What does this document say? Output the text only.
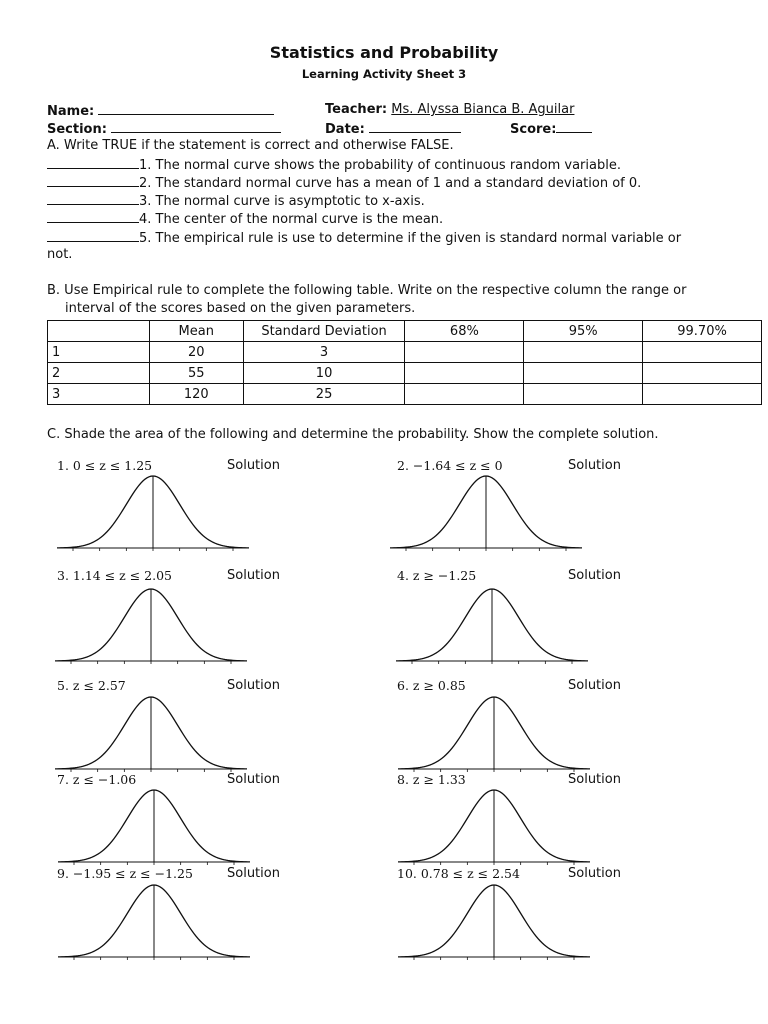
Statistics and Probability
Learning Activity Sheet 3
Name:
Section:
Teacher: Ms. Alyssa Bianca B. Aguilar
Date:	Score:
A. Write TRUE if the statement is correct and otherwise FALSE.
1. The normal curve shows the probability of continuous random variable.
2. The standard normal curve has a mean of 1 and a standard deviation of 0.
3. The normal curve is asymptotic to x-axis.
4. The center of the normal curve is the mean.
5. The empirical rule is use to determine if the given is standard normal variable or
not.
B. Use Empirical rule to complete the following table. Write on the respective column the range or
interval of the scores based on the given parameters.
	Mean	Standard Deviation	68%	95%	99.70%
1	20	3			
2	55	10			
3	120	25			
C. Shade the area of the following and determine the probability. Show the complete solution.
1. 0 ≤ z ≤ 1.25	Solution	2. −1.64 ≤ z ≤ 0	Solution
3. 1.14 ≤ z ≤ 2.05	Solution	4. z ≥ −1.25	Solution
5. z ≤ 2.57	Solution	6. z ≥ 0.85	Solution
7. z ≤ −1.06	Solution	8. z ≥ 1.33	Solution
9. −1.95 ≤ z ≤ −1.25	Solution	10. 0.78 ≤ z ≤ 2.54	Solution
